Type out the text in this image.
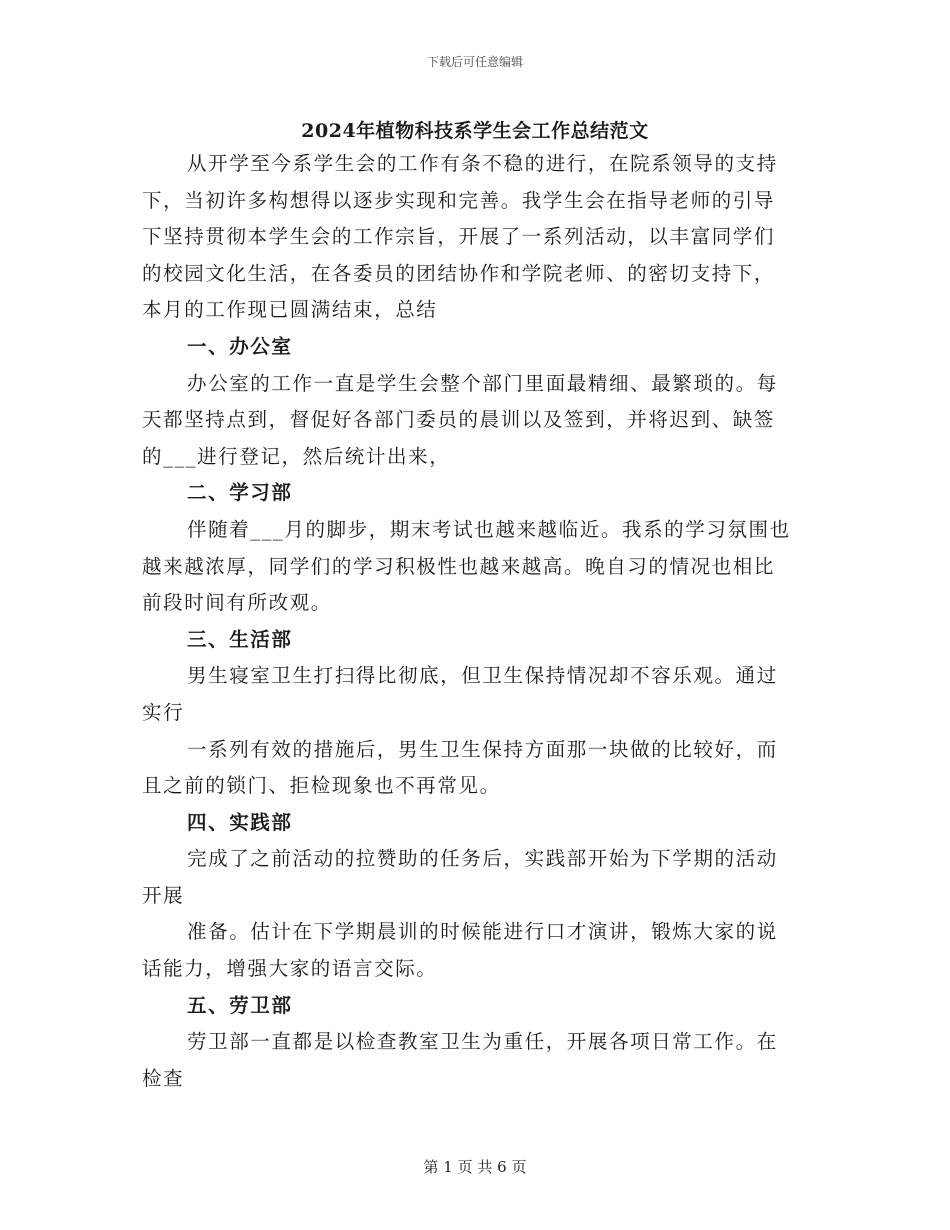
下载后可任意编辑
2024年植物科技系学生会工作总结范文
从开学至今系学生会的工作有条不稳的进行，在院系领导的支持
下，当初许多构想得以逐步实现和完善。我学生会在指导老师的引导
下坚持贯彻本学生会的工作宗旨，开展了一系列活动，以丰富同学们
的校园文化生活，在各委员的团结协作和学院老师、的密切支持下，
本月的工作现已圆满结束，总结
一、办公室
办公室的工作一直是学生会整个部门里面最精细、最繁琐的。每
天都坚持点到，督促好各部门委员的晨训以及签到，并将迟到、缺签
的___进行登记，然后统计出来，
二、学习部
伴随着___月的脚步，期末考试也越来越临近。我系的学习氛围也
越来越浓厚，同学们的学习积极性也越来越高。晚自习的情况也相比
前段时间有所改观。
三、生活部
男生寝室卫生打扫得比彻底，但卫生保持情况却不容乐观。通过
实行
一系列有效的措施后，男生卫生保持方面那一块做的比较好，而
且之前的锁门、拒检现象也不再常见。
四、实践部
完成了之前活动的拉赞助的任务后，实践部开始为下学期的活动
开展
准备。估计在下学期晨训的时候能进行口才演讲，锻炼大家的说
话能力，增强大家的语言交际。
五、劳卫部
劳卫部一直都是以检查教室卫生为重任，开展各项日常工作。在
检查
第 1 页 共 6 页
